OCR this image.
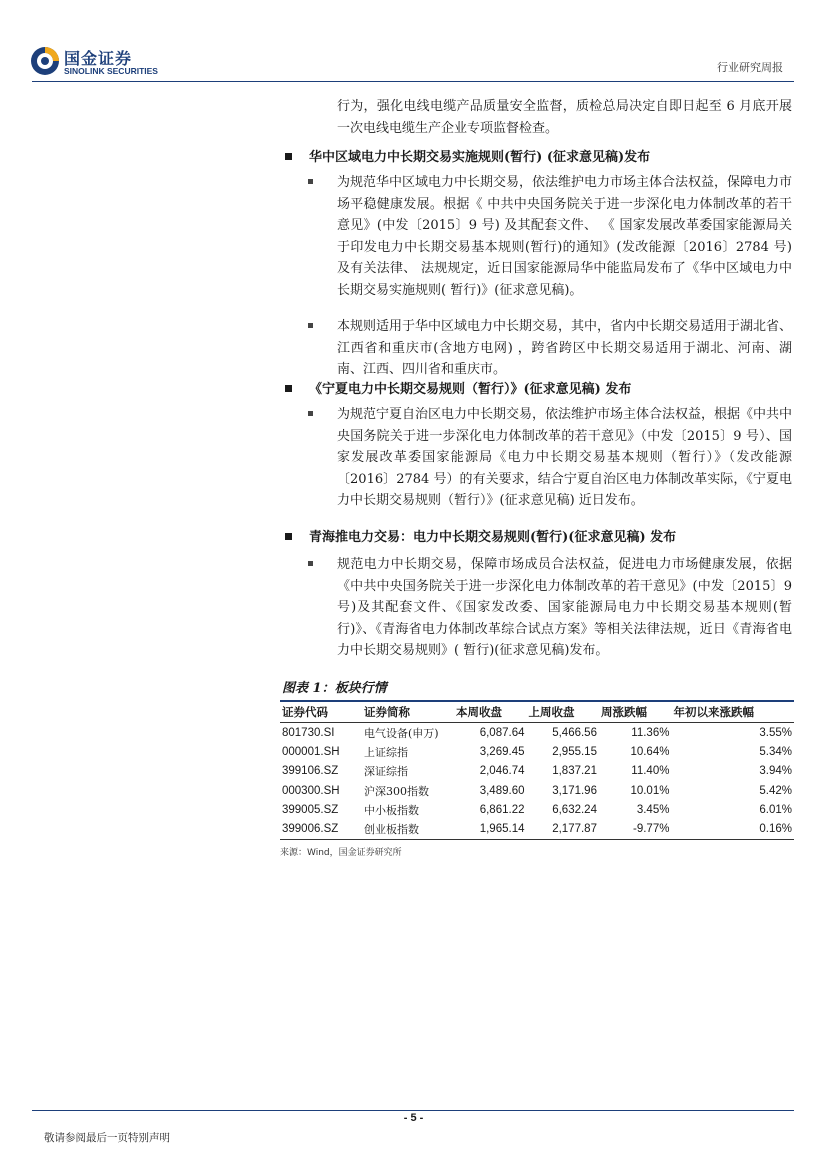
国金证券
SINOLINK SECURITIES	行业研究周报

行为，强化电线电缆产品质量安全监督，质检总局决定自即日起至 6 月底开展一次电线电缆生产企业专项监督检查。

华中区域电力中长期交易实施规则(暂行) (征求意见稿)发布

为规范华中区域电力中长期交易，依法维护电力市场主体合法权益，保障电力市场平稳健康发展。根据《 中共中央国务院关于进一步深化电力体制改革的若干意见》(中发〔2015〕9 号) 及其配套文件、 《 国家发展改革委国家能源局关于印发电力中长期交易基本规则(暂行)的通知》(发改能源〔2016〕2784 号) 及有关法律、 法规规定，近日国家能源局华中能监局发布了《华中区域电力中长期交易实施规则( 暂行)》(征求意见稿)。

本规则适用于华中区域电力中长期交易，其中，省内中长期交易适用于湖北省、江西省和重庆市(含地方电网) ，跨省跨区中长期交易适用于湖北、河南、湖南、江西、四川省和重庆市。

《宁夏电力中长期交易规则（暂行）》(征求意见稿) 发布

为规范宁夏自治区电力中长期交易，依法维护市场主体合法权益，根据《中共中央国务院关于进一步深化电力体制改革的若干意见》（中发〔2015〕9 号）、国家发展改革委国家能源局《电力中长期交易基本规则（暂行）》（发改能源〔2016〕2784 号）的有关要求，结合宁夏自治区电力体制改革实际，《宁夏电力中长期交易规则（暂行）》(征求意见稿) 近日发布。

青海推电力交易：电力中长期交易规则(暂行)(征求意见稿) 发布

规范电力中长期交易，保障市场成员合法权益，促进电力市场健康发展，依据《中共中央国务院关于进一步深化电力体制改革的若干意见》(中发〔2015〕9 号)及其配套文件、《国家发改委、国家能源局电力中长期交易基本规则(暂行)》、《青海省电力体制改革综合试点方案》等相关法律法规，近日《青海省电力中长期交易规则》( 暂行)(征求意见稿)发布。

图表 1：板块行情
证券代码	证券简称	本周收盘	上周收盘	周涨跌幅	年初以来涨跌幅
801730.SI	电气设备(申万)	6,087.64	5,466.56	11.36%	3.55%
000001.SH	上证综指	3,269.45	2,955.15	10.64%	5.34%
399106.SZ	深证综指	2,046.74	1,837.21	11.40%	3.94%
000300.SH	沪深300指数	3,489.60	3,171.96	10.01%	5.42%
399005.SZ	中小板指数	6,861.22	6,632.24	3.45%	6.01%
399006.SZ	创业板指数	1,965.14	2,177.87	-9.77%	0.16%
来源：Wind，国金证券研究所
- 5 -
敬请参阅最后一页特别声明
